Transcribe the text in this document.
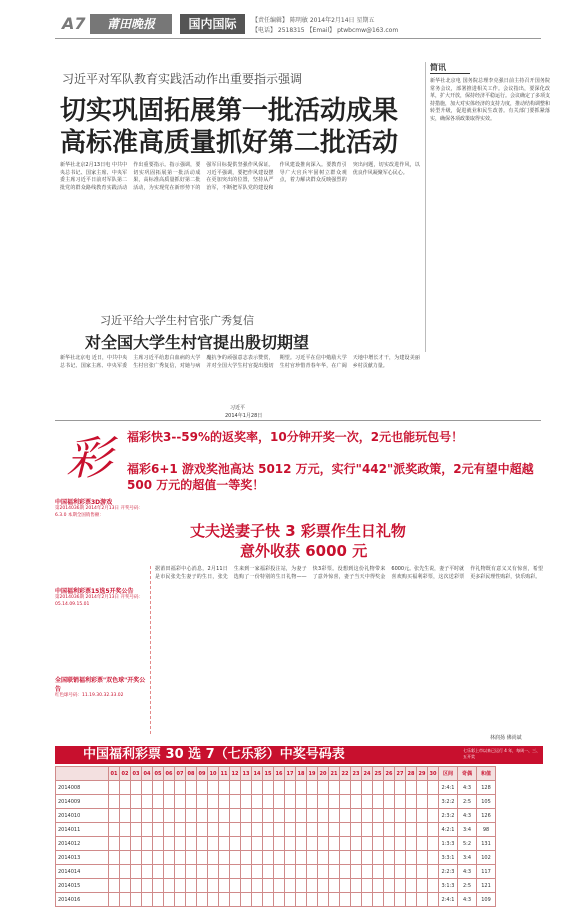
A7	莆田晚报	国内国际	【责任编辑】 陈明敏 2014年2月14日 星期五
【电话】 2518315 【Email】 ptwbcmw@163.com
习近平对军队教育实践活动作出重要指示强调
切实巩固拓展第一批活动成果
高标准高质量抓好第二批活动
新华社北京2月13日电 中共中央总书记、国家主席、中央军委主席习近平日前对军队第二批党的群众路线教育实践活动作出重要指示。指示强调，要切实巩固拓展第一批活动成果，高标准高质量抓好第二批活动，为实现党在新形势下的强军目标提供坚强作风保证。习近平强调，要把作风建设摆在更加突出的位置，坚持从严治军，不断把军队党的建设和作风建设推向深入。要教育引导广大官兵牢固树立群众观点，着力解决群众反映强烈的突出问题，切实改进作风，以优良作风凝聚军心民心。
简讯
新华社北京电 国务院总理李克强日前主持召开国务院常务会议，部署推进相关工作。会议指出，要深化改革，扩大开放，保持经济平稳运行。会议确定了多项支持措施，加大对实体经济的支持力度，推动结构调整和转型升级，促进就业和民生改善。有关部门要抓紧落实，确保各项政策取得实效。
习近平给大学生村官张广秀复信
对全国大学生村官提出殷切期望
新华社北京电 近日，中共中央总书记、国家主席、中央军委主席习近平给患白血病的大学生村官张广秀复信，对她与病魔抗争的顽强意志表示赞赏，并对全国大学生村官提出殷切期望。习近平在信中勉励大学生村官珍惜青春年华，在广阔天地中增长才干，为建设美丽乡村贡献力量。
习近平
2014年1月28日
彩	福彩快3--59%的返奖率，10分钟开奖一次，2元也能玩包号！
福彩6+1 游戏奖池高达 5012 万元，实行"442"派奖政策，2元有望中超越 500 万元的超值一等奖！
中国福利彩票3D游戏
第2014036期 2014年2月13日 开奖号码：6.3.0 本期全国销售额：
中国福利彩票15选5开奖公告
第2014036期 2014年2月13日 开奖号码：05.14.09.15.01
全国联销福利彩票"双色球"开奖公告
红色球号码：11.19.30.32.33.02
丈夫送妻子快 3 彩票作生日礼物
意外收获 6000 元
据莆田福彩中心消息，2月11日是市民张先生妻子的生日，张先生来到一家福彩投注站，为妻子选购了一份特别的生日礼物——快3彩票。没想到这份礼物带来了意外惊喜，妻子当天中得奖金6000元。张先生说，妻子平时就喜欢购买福利彩票，这次送彩票作礼物既有意义又有惊喜，希望更多彩民理性购彩，快乐购彩。
林润扬 佛尚斌
中国福利彩票 30 选 7（七乐彩）中奖号码表	七乐彩上市以来已运行 4 年，每周一、三、五开奖
	01	02	03	04	05	06	07	08	09	10	11	12	13	14	15	16	17	18	19	20	21	22	23	24	25	26	27	28	29	30	区间	奇偶	和值
2014008																															2:4:1	4:3	128
2014009																															3:2:2	2:5	105
2014010																															2:3:2	4:3	126
2014011																															4:2:1	3:4	98
2014012																															1:3:3	5:2	131
2014013																															3:3:1	3:4	102
2014014																															2:2:3	4:3	117
2014015																															3:1:3	2:5	121
2014016																															2:4:1	4:3	109
